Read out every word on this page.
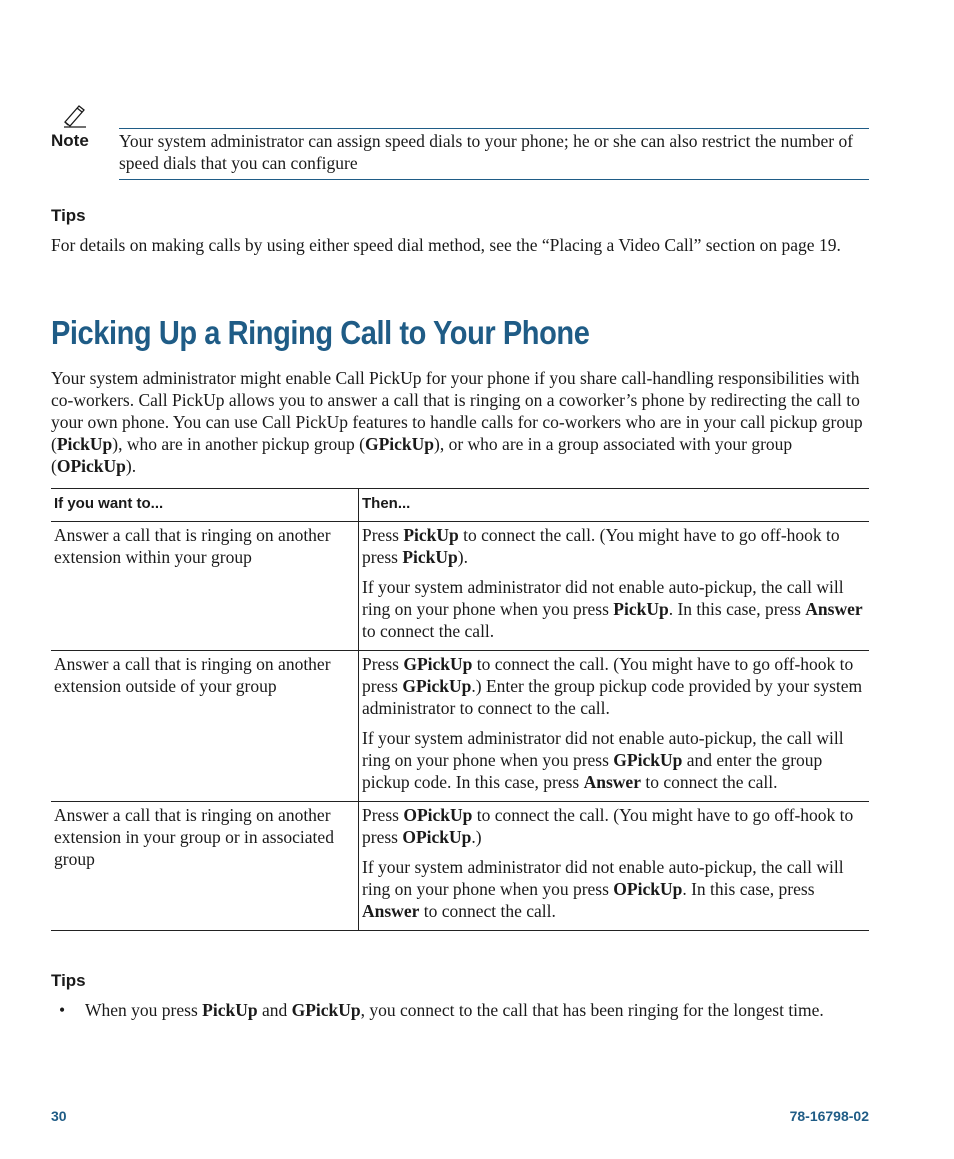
Note Your system administrator can assign speed dials to your phone; he or she can also restrict the number of speed dials that you can configure
Tips
For details on making calls by using either speed dial method, see the “Placing a Video Call” section on page 19.
Picking Up a Ringing Call to Your Phone
Your system administrator might enable Call PickUp for your phone if you share call-handling responsibilities with co-workers. Call PickUp allows you to answer a call that is ringing on a coworker’s phone by redirecting the call to your own phone. You can use Call PickUp features to handle calls for co-workers who are in your call pickup group (PickUp), who are in another pickup group (GPickUp), or who are in a group associated with your group (OPickUp).
If you want to...	Then...
Answer a call that is ringing on another extension within your group	Press PickUp to connect the call. (You might have to go off-hook to press PickUp).

If your system administrator did not enable auto-pickup, the call will ring on your phone when you press PickUp. In this case, press Answer to connect the call.

Answer a call that is ringing on another extension outside of your group	Press GPickUp to connect the call. (You might have to go off-hook to press GPickUp.) Enter the group pickup code provided by your system administrator to connect to the call.

If your system administrator did not enable auto-pickup, the call will ring on your phone when you press GPickUp and enter the group pickup code. In this case, press Answer to connect the call.

Answer a call that is ringing on another extension in your group or in associated group	Press OPickUp to connect the call. (You might have to go off-hook to press OPickUp.)

If your system administrator did not enable auto-pickup, the call will ring on your phone when you press OPickUp. In this case, press Answer to connect the call.

Tips
• When you press PickUp and GPickUp, you connect to the call that has been ringing for the longest time.
30	78-16798-02
